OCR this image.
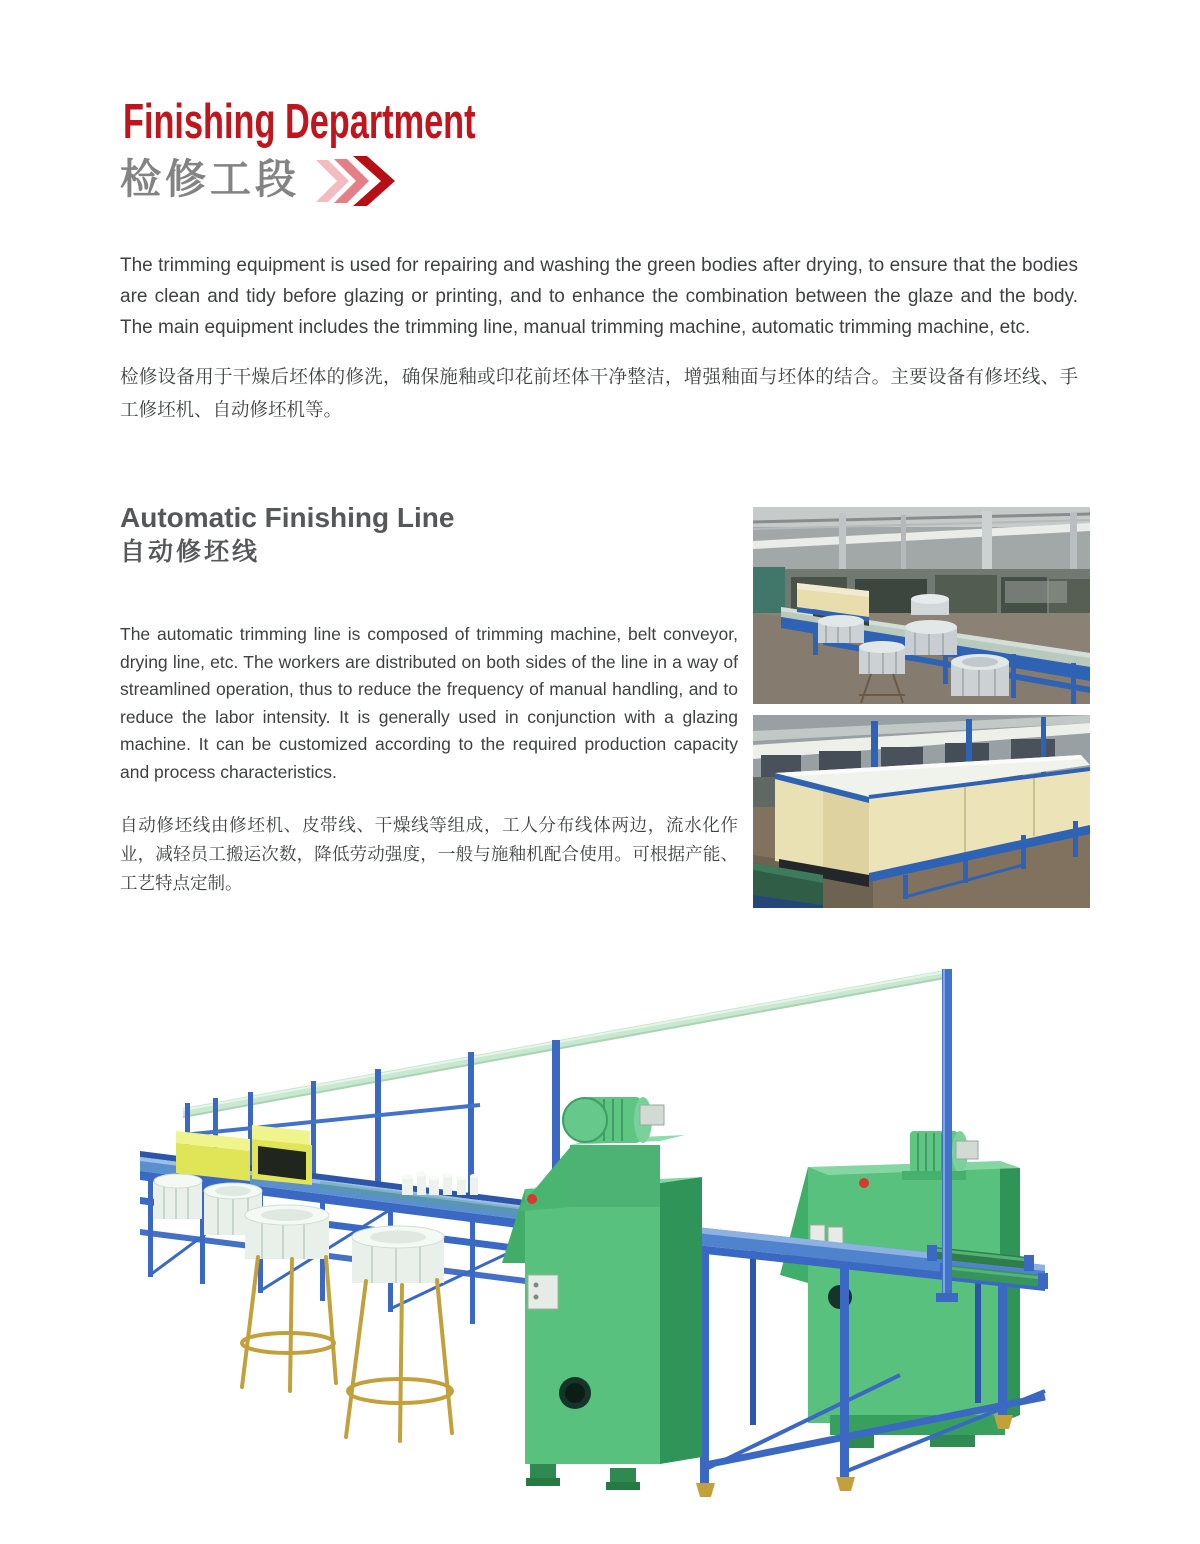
Finishing Department
检修工段

The trimming equipment is used for repairing and washing the green bodies after drying, to ensure that the bodies are clean and tidy before glazing or printing, and to enhance the combination between the glaze and the body. The main equipment includes the trimming line, manual trimming machine, automatic trimming machine, etc.

检修设备用于干燥后坯体的修洗，确保施釉或印花前坯体干净整洁，增强釉面与坯体的结合。主要设备有修坯线、手工修坯机、自动修坯机等。

Automatic Finishing Line
自动修坯线

The automatic trimming line is composed of trimming machine, belt conveyor, drying line, etc. The workers are distributed on both sides of the line in a way of streamlined operation, thus to reduce the frequency of manual handling, and to reduce the labor intensity. It is generally used in conjunction with a glazing machine. It can be customized according to the required production capacity and process characteristics.

自动修坯线由修坯机、皮带线、干燥线等组成，工人分布线体两边，流水化作业，减轻员工搬运次数，降低劳动强度，一般与施釉机配合使用。可根据产能、工艺特点定制。
